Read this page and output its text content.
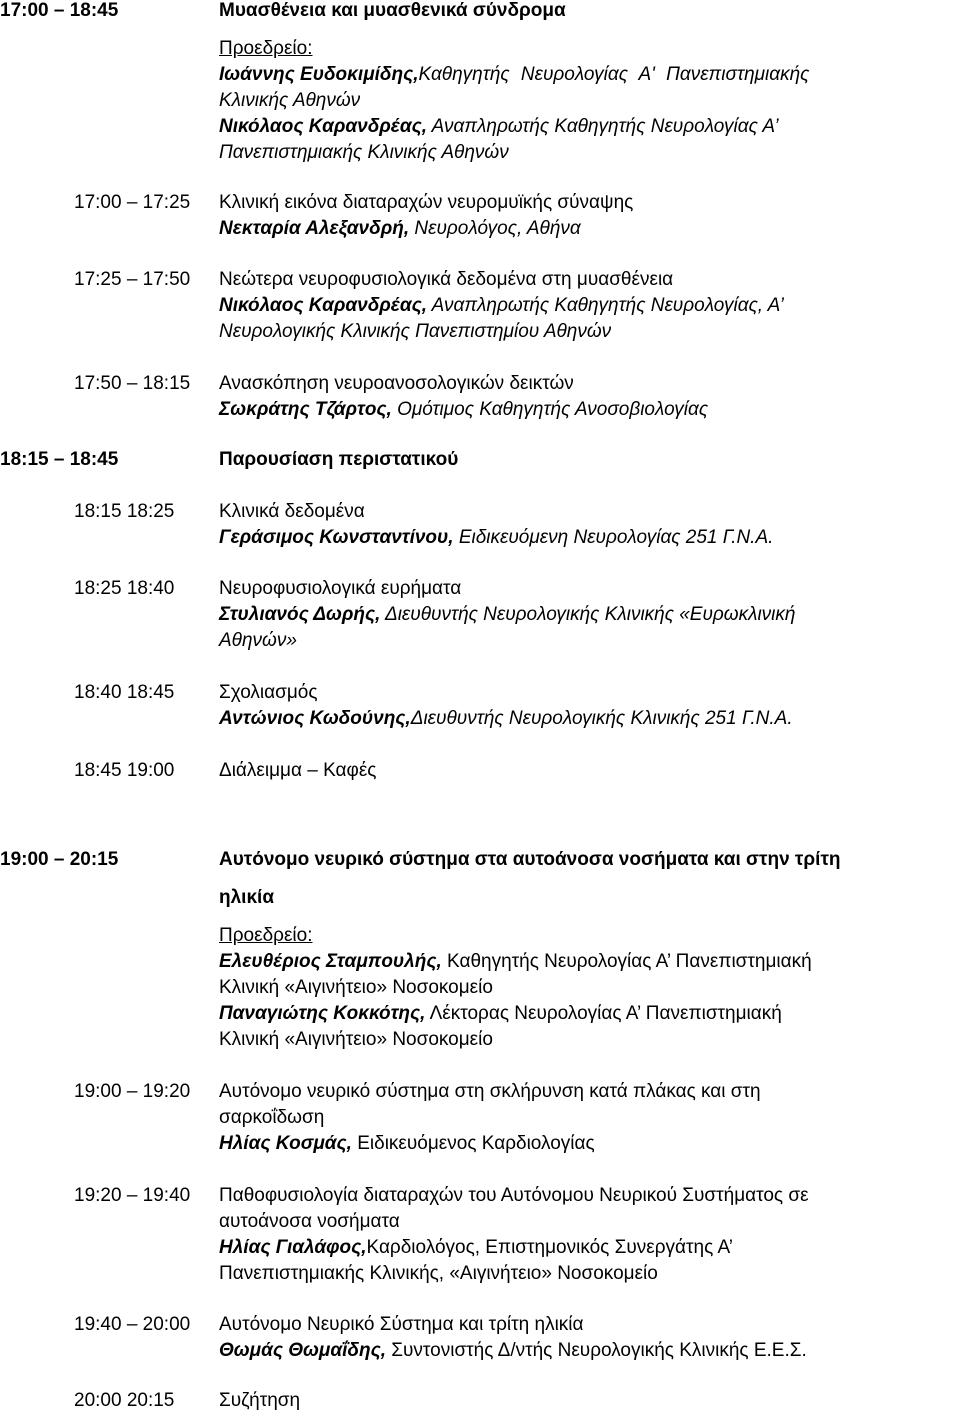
17:00 – 18:45	Μυασθένεια και μυασθενικά σύνδρομα
Προεδρείο:
Ιωάννης Ευδοκιμίδης,Καθηγητής Νευρολογίας Α' Πανεπιστημιακής
Κλινικής Αθηνών
Νικόλαος Καρανδρέας, Αναπληρωτής Καθηγητής Νευρολογίας Α’
Πανεπιστημιακής Κλινικής Αθηνών
17:00 – 17:25 Κλινική εικόνα διαταραχών νευρομυϊκής σύναψης
Νεκταρία Αλεξανδρή, Νευρολόγος, Αθήνα
17:25 – 17:50 Νεώτερα νευροφυσιολογικά δεδομένα στη μυασθένεια
Νικόλαος Καρανδρέας, Αναπληρωτής Καθηγητής Νευρολογίας, Α’
Νευρολογικής Κλινικής Πανεπιστημίου Αθηνών
17:50 – 18:15 Ανασκόπηση νευροανοσολογικών δεικτών
Σωκράτης Τζάρτος, Ομότιμος Καθηγητής Ανοσοβιολογίας
18:15 – 18:45	Παρουσίαση περιστατικού
18:15 18:25 Κλινικά δεδομένα
Γεράσιμος Κωνσταντίνου, Ειδικευόμενη Νευρολογίας 251 Γ.Ν.Α.
18:25 18:40 Νευροφυσιολογικά ευρήματα
Στυλιανός Δωρής, Διευθυντής Νευρολογικής Κλινικής «Ευρωκλινική
Αθηνών»
18:40 18:45 Σχολιασμός
Αντώνιος Κωδούνης,Διευθυντής Νευρολογικής Κλινικής 251 Γ.Ν.Α.
18:45 19:00 Διάλειμμα – Καφές
19:00 – 20:15	Αυτόνομο νευρικό σύστημα στα αυτοάνοσα νοσήματα και στην τρίτη
ηλικία
Προεδρείο:
Ελευθέριος Σταμπουλής, Καθηγητής Νευρολογίας Α’ Πανεπιστημιακή
Κλινική «Αιγινήτειο» Νοσοκομείο
Παναγιώτης Κοκκότης, Λέκτορας Νευρολογίας Α’ Πανεπιστημιακή
Κλινική «Αιγινήτειο» Νοσοκομείο
19:00 – 19:20 Αυτόνομο νευρικό σύστημα στη σκλήρυνση κατά πλάκας και στη
σαρκοΐδωση
Ηλίας Κοσμάς, Ειδικευόμενος Καρδιολογίας
19:20 – 19:40 Παθοφυσιολογία διαταραχών του Αυτόνομου Νευρικού Συστήματος σε
αυτοάνοσα νοσήματα
Ηλίας Γιαλάφος,Καρδιολόγος, Επιστημονικός Συνεργάτης Α’
Πανεπιστημιακής Κλινικής, «Αιγινήτειο» Νοσοκομείο
19:40 – 20:00 Αυτόνομο Νευρικό Σύστημα και τρίτη ηλικία
Θωμάς Θωμαΐδης, Συντονιστής Δ/ντής Νευρολογικής Κλινικής Ε.Ε.Σ.
20:00 20:15 Συζήτηση
